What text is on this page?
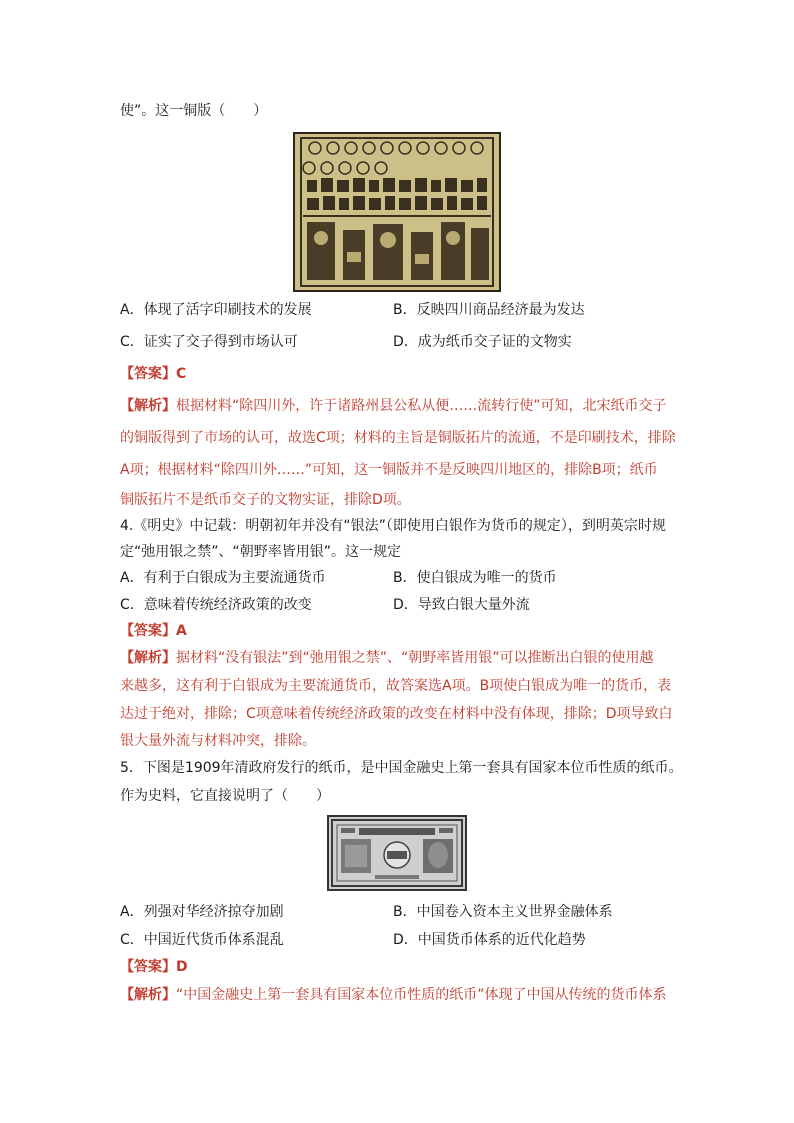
使”。这一铜版（　　）
A．体现了活字印刷技术的发展	B．反映四川商品经济最为发达
C．证实了交子得到市场认可	D．成为纸币交子证的文物实
【答案】C
【解析】根据材料“除四川外，许于诸路州县公私从便……流转行使”可知，北宋纸币交子
的铜版得到了市场的认可，故选C项；材料的主旨是铜版拓片的流通，不是印刷技术，排除
A项；根据材料“除四川外……”可知，这一铜版并不是反映四川地区的，排除B项；纸币
铜版拓片不是纸币交子的文物实证，排除D项。
4.《明史》中记载：明朝初年并没有“银法”（即使用白银作为货币的规定），到明英宗时规
定“弛用银之禁”、“朝野率皆用银”。这一规定
A．有利于白银成为主要流通货币	B．使白银成为唯一的货币
C．意味着传统经济政策的改变	D．导致白银大量外流
【答案】A
【解析】据材料“没有银法”到“弛用银之禁”、“朝野率皆用银”可以推断出白银的使用越
来越多，这有利于白银成为主要流通货币，故答案选A项。B项使白银成为唯一的货币，表
达过于绝对，排除；C项意味着传统经济政策的改变在材料中没有体现，排除；D项导致白
银大量外流与材料冲突，排除。
5．下图是1909年清政府发行的纸币，是中国金融史上第一套具有国家本位币性质的纸币。
作为史料，它直接说明了（　　）
A．列强对华经济掠夺加剧	B．中国卷入资本主义世界金融体系
C．中国近代货币体系混乱	D．中国货币体系的近代化趋势
【答案】D
【解析】“中国金融史上第一套具有国家本位币性质的纸币”体现了中国从传统的货币体系
